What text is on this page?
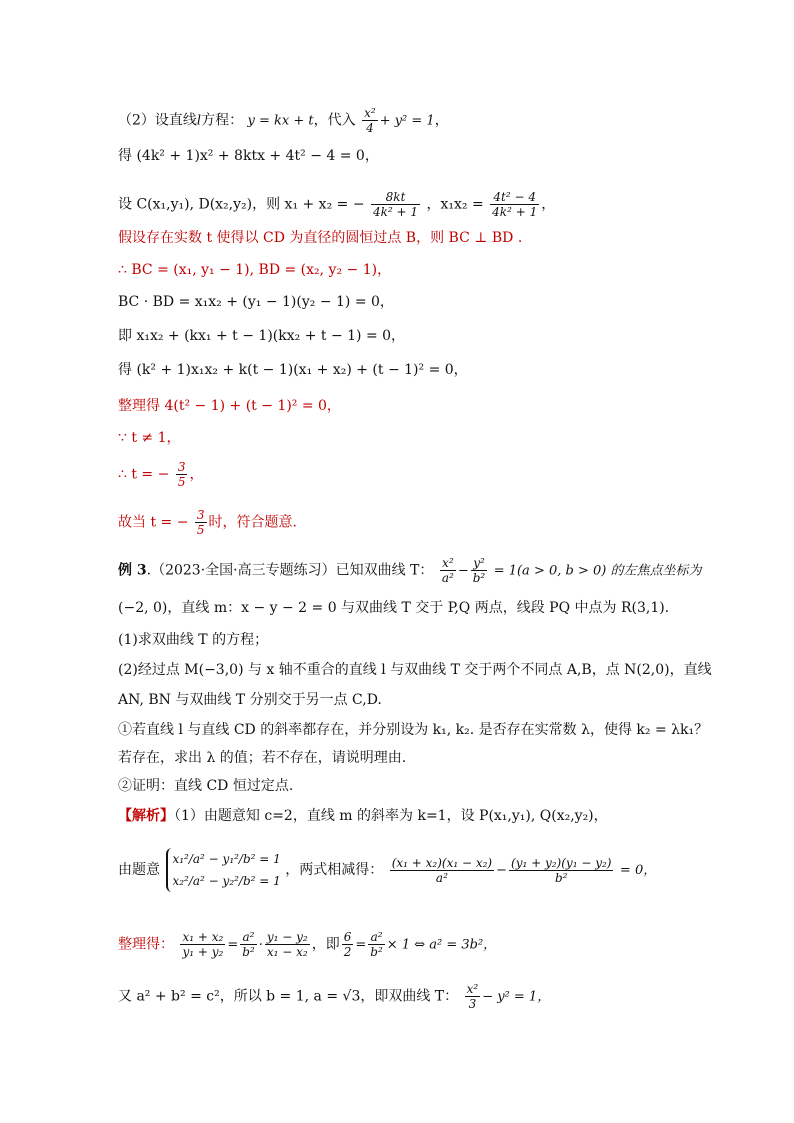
（2）设直线l方程： y = kx + t，代入 $\frac{\text{x²}}{4} + y^2 = 1$，
得 (4k² + 1)x² + 8ktx + 4t² − 4 = 0，
设 C(x₁,y₁), D(x₂,y₂)，则 x₁ + x₂ = − $\frac{8kt}{\text{4k² + 1}}$ ，$x_1x_2 = \frac{\text{4t² − 4}}{\text{4k² + 1}}$ ，
假设存在实数 t 使得以 CD 为直径的圆恒过点 B，则 BC ⊥ BD .
∴ BC = (x₁, y₁ − 1), BD = (x₂, y₂ − 1)，
BC · BD = x₁x₂ + (y₁ − 1)(y₂ − 1) = 0，
即 x₁x₂ + (kx₁ + t − 1)(kx₂ + t − 1) = 0，
得 (k² + 1)x₁x₂ + k(t − 1)(x₁ + x₂) + (t − 1)² = 0，
整理得 4(t² − 1) + (t − 1)² = 0，
∵ t ≠ 1，
∴ t = − $\frac{3}{5}$ ，
故当 t = − $\frac{3}{5}$ 时，符合题意.
例 3.（2023·全国·高三专题练习）已知双曲线 T： $\frac{\text{x²}}{\text{a²}} - \frac{\text{y²}}{\text{b²}} = 1(a > 0$, b > 0) 的左焦点坐标为
(−2, 0)，直线 m：x − y − 2 = 0 与双曲线 T 交于 P,Q 两点，线段 PQ 中点为 R(3,1).
(1)求双曲线 T 的方程；
(2)经过点 M(−3,0) 与 x 轴不重合的直线 l 与双曲线 T 交于两个不同点 A,B，点 N(2,0)，直线
AN, BN 与双曲线 T 分别交于另一点 C,D.
①若直线 l 与直线 CD 的斜率都存在，并分别设为 k₁, k₂. 是否存在实常数 λ，使得 k₂ = λk₁？
若存在，求出 λ 的值；若不存在，请说明理由.
②证明：直线 CD 恒过定点.
【解析】（1）由题意知 c=2，直线 m 的斜率为 k=1，设 P(x₁,y₁), Q(x₂,y₂)，
由题意
x₁²/a² − y₁²/b² = 1
x₂²/a² − y₂²/b² = 1
，两式相减得： $\frac{\text{(x₁ + x₂)(x₁ − x₂)}}{\text{a²}} - \frac{\text{(y₁ + y₂)(y₁ − y₂)}}{\text{b²}} = 0$，
整理得： $\frac{\text{x₁ + x₂}}{\text{y₁ + y₂}} = \frac{\text{a²}}{\text{b²}} \cdot \frac{\text{y₁ − y₂}}{\text{x₁ − x₂}}$ ，即 $\frac{6}{2} = \frac{\text{a²}}{\text{b²}} \times 1$ ⇔ a² = 3b²，
又 a² + b² = c²，所以 b = 1, a = √3，即双曲线 T： $\frac{\text{x²}}{3} - y^2 = 1$，
